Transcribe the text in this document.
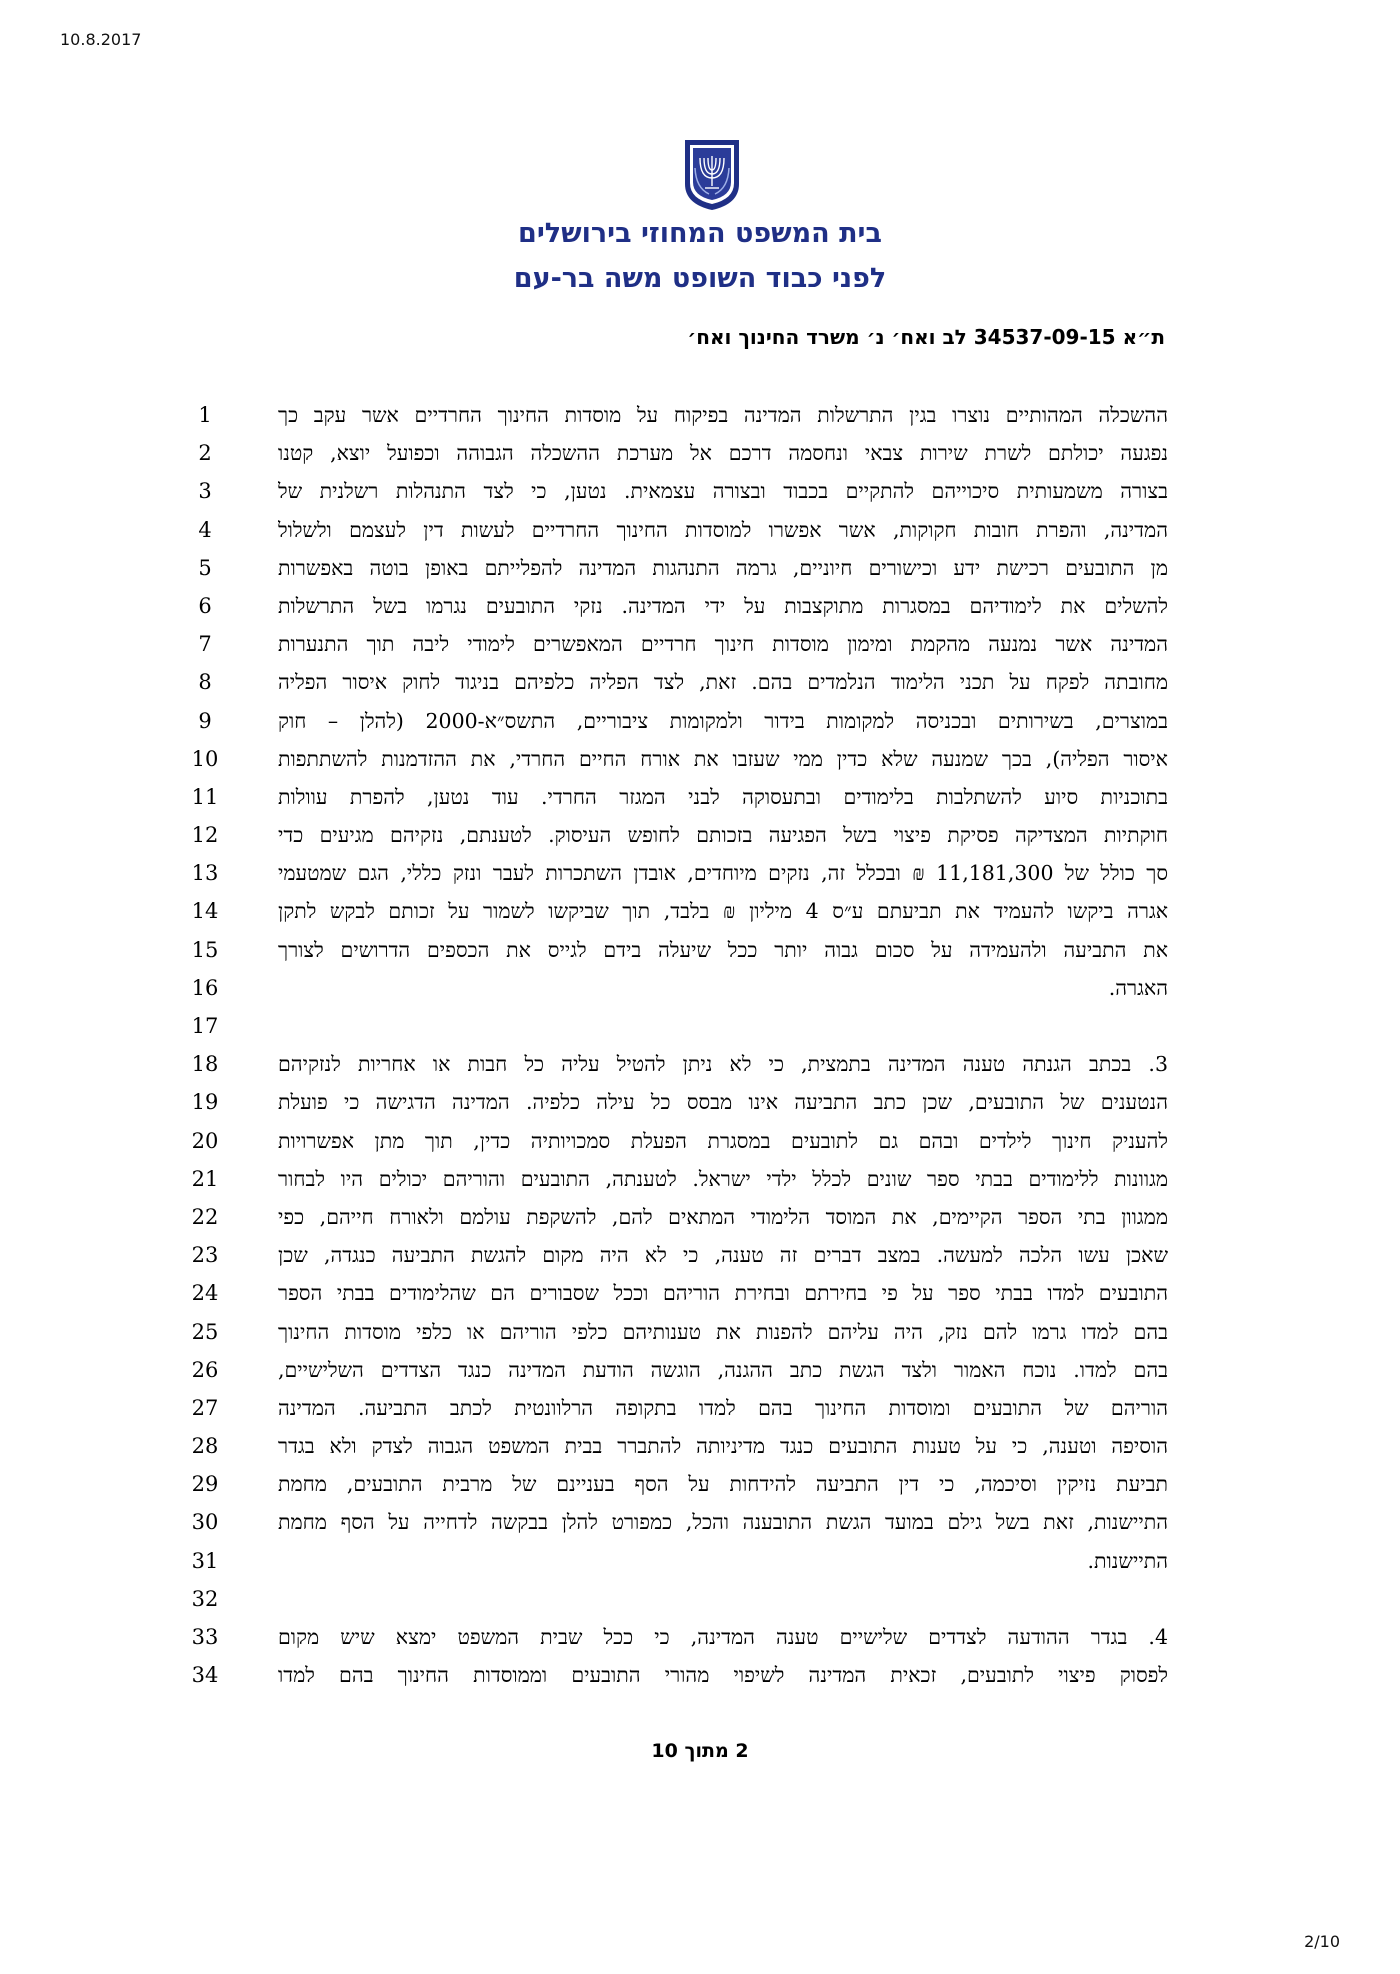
10.8.2017
בית המשפט המחוזי בירושלים
לפני כבוד השופט משה בר-עם
ת״א 34537-09-15 לב ואח׳ נ׳ משרד החינוך ואח׳
1	ההשכלה המהותיים נוצרו בגין התרשלות המדינה בפיקוח על מוסדות החינוך החרדיים אשר עקב כך
2	נפגעה יכולתם לשרת שירות צבאי ונחסמה דרכם אל מערכת ההשכלה הגבוהה וכפועל יוצא, קטנו
3	בצורה משמעותית סיכוייהם להתקיים בכבוד ובצורה עצמאית. נטען, כי לצד התנהלות רשלנית של
4	המדינה, והפרת חובות חקוקות, אשר אפשרו למוסדות החינוך החרדיים לעשות דין לעצמם ולשלול
5	מן התובעים רכישת ידע וכישורים חיוניים, גרמה התנהגות המדינה להפלייתם באופן בוטה באפשרות
6	להשלים את לימודיהם במסגרות מתוקצבות על ידי המדינה. נזקי התובעים נגרמו בשל התרשלות
7	המדינה אשר נמנעה מהקמת ומימון מוסדות חינוך חרדיים המאפשרים לימודי ליבה תוך התנערות
8	מחובתה לפקח על תכני הלימוד הנלמדים בהם. זאת, לצד הפליה כלפיהם בניגוד לחוק איסור הפליה
9	במוצרים, בשירותים ובכניסה למקומות בידור ולמקומות ציבוריים, התשס״א-2000 (להלן – חוק
10	איסור הפליה), בכך שמנעה שלא כדין ממי שעזבו את אורח החיים החרדי, את ההזדמנות להשתתפות
11	בתוכניות סיוע להשתלבות בלימודים ובתעסוקה לבני המגזר החרדי. עוד נטען, להפרת עוולות
12	חוקתיות המצדיקה פסיקת פיצוי בשל הפגיעה בזכותם לחופש העיסוק. לטענתם, נזקיהם מגיעים כדי
13	סך כולל של 11,181,300 ₪ ובכלל זה, נזקים מיוחדים, אובדן השתכרות לעבר ונזק כללי, הגם שמטעמי
14	אגרה ביקשו להעמיד את תביעתם ע״ס 4 מיליון ₪ בלבד, תוך שביקשו לשמור על זכותם לבקש לתקן
15	את התביעה ולהעמידה על סכום גבוה יותר ככל שיעלה בידם לגייס את הכספים הדרושים לצורך
16	האגרה.
17
18	3. בכתב הגנתה טענה המדינה בתמצית, כי לא ניתן להטיל עליה כל חבות או אחריות לנזקיהם
19	הנטענים של התובעים, שכן כתב התביעה אינו מבסס כל עילה כלפיה. המדינה הדגישה כי פועלת
20	להעניק חינוך לילדים ובהם גם לתובעים במסגרת הפעלת סמכויותיה כדין, תוך מתן אפשרויות
21	מגוונות ללימודים בבתי ספר שונים לכלל ילדי ישראל. לטענתה, התובעים והוריהם יכולים היו לבחור
22	ממגוון בתי הספר הקיימים, את המוסד הלימודי המתאים להם, להשקפת עולמם ולאורח חייהם, כפי
23	שאכן עשו הלכה למעשה. במצב דברים זה טענה, כי לא היה מקום להגשת התביעה כנגדה, שכן
24	התובעים למדו בבתי ספר על פי בחירתם ובחירת הוריהם וככל שסבורים הם שהלימודים בבתי הספר
25	בהם למדו גרמו להם נזק, היה עליהם להפנות את טענותיהם כלפי הוריהם או כלפי מוסדות החינוך
26	בהם למדו. נוכח האמור ולצד הגשת כתב ההגנה, הוגשה הודעת המדינה כנגד הצדדים השלישיים,
27	הוריהם של התובעים ומוסדות החינוך בהם למדו בתקופה הרלוונטית לכתב התביעה. המדינה
28	הוסיפה וטענה, כי על טענות התובעים כנגד מדיניותה להתברר בבית המשפט הגבוה לצדק ולא בגדר
29	תביעת נזיקין וסיכמה, כי דין התביעה להידחות על הסף בעניינם של מרבית התובעים, מחמת
30	התיישנות, זאת בשל גילם במועד הגשת התובענה והכל, כמפורט להלן בבקשה לדחייה על הסף מחמת
31	התיישנות.
32
33	4. בגדר ההודעה לצדדים שלישיים טענה המדינה, כי ככל שבית המשפט ימצא שיש מקום
34	לפסוק פיצוי לתובעים, זכאית המדינה לשיפוי מהורי התובעים וממוסדות החינוך בהם למדו
2 מתוך 10
2/10
